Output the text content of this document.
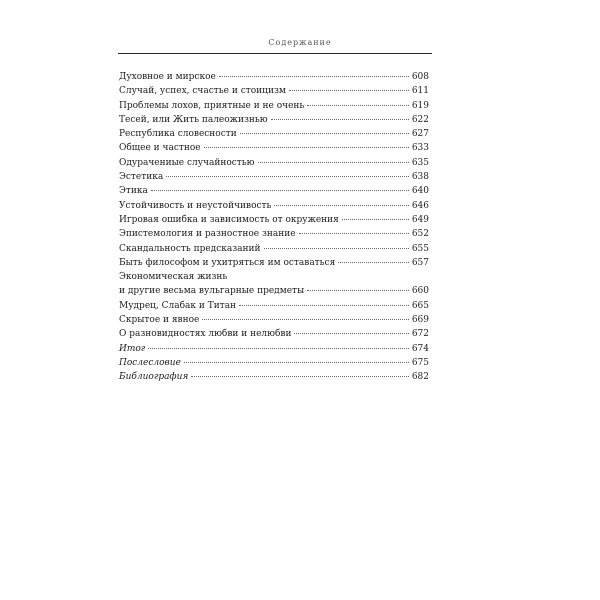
Содержание
Духовное и мирское	608
Случай, успех, счастье и стоицизм	611
Проблемы лохов, приятные и не очень	619
Тесей, или Жить палеожизнью	622
Республика словесности	627
Общее и частное	633
Одурачениые случайностью	635
Эстетика	638
Этика	640
Устойчивость и неустойчивость	646
Игровая ошибка и зависимость от окружения	649
Эпистемология и разностное знание	652
Скандальность предсказаний	655
Быть философом и ухитряться им оставаться	657
Экономическая жизнь
и другие весьма вульгарные предметы	660
Мудрец, Слабак и Титан	665
Скрытое и явное	669
О разновидностях любви и нелюбви	672
Итог	674
Послесловие	675
Библиография	682
